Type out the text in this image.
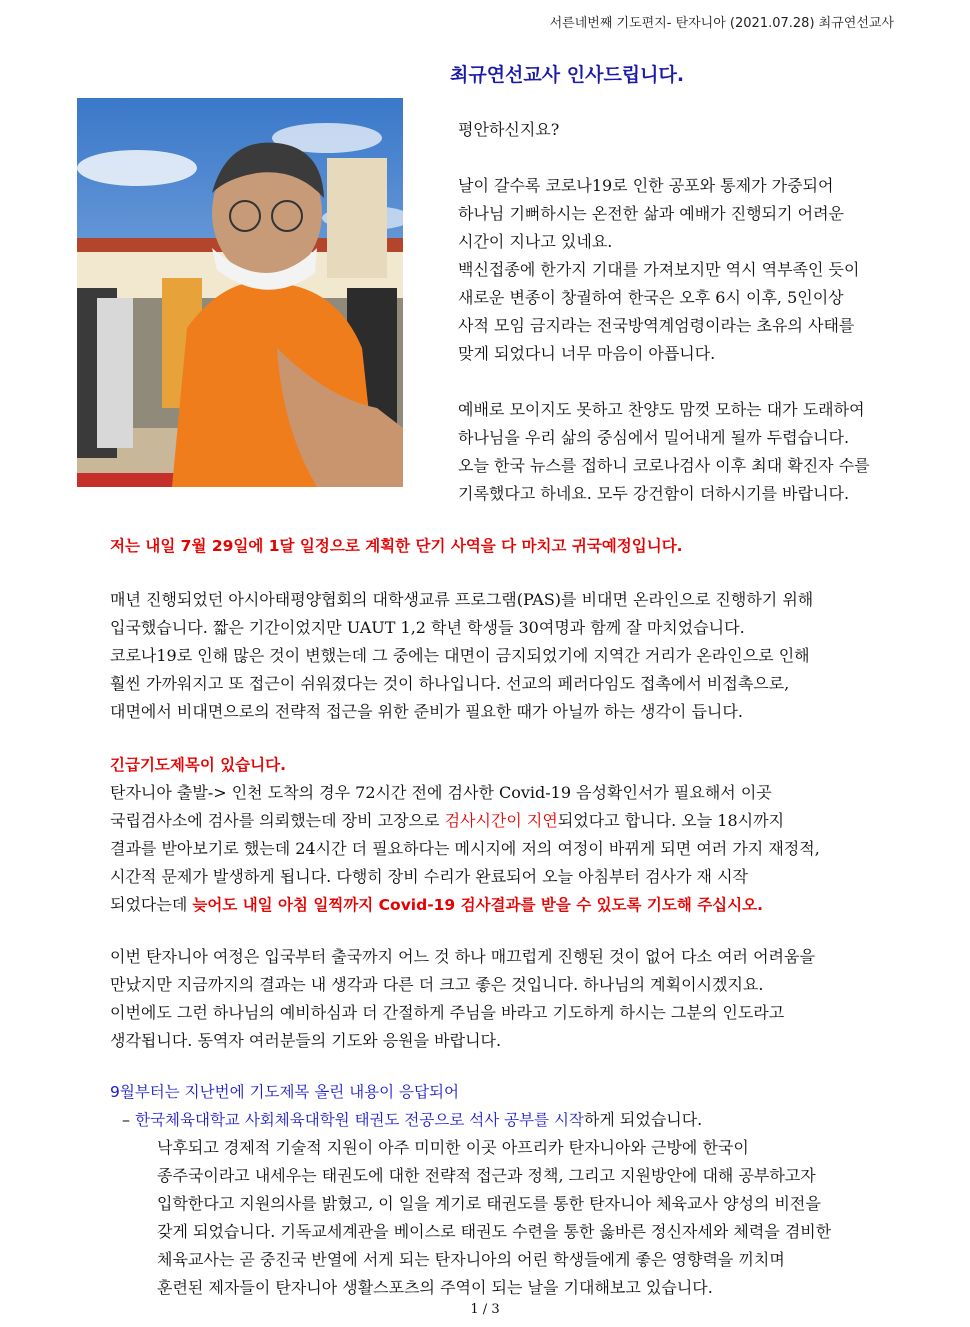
서른네번째 기도편지- 탄자니아 (2021.07.28) 최규연선교사
최규연선교사 인사드립니다.

평안하신지요?

날이 갈수록 코로나19로 인한 공포와 통제가 가중되어

하나님 기뻐하시는 온전한 삶과 예배가 진행되기 어려운

시간이 지나고 있네요.

백신접종에 한가지 기대를 가져보지만 역시 역부족인 듯이

새로운 변종이 창궐하여 한국은 오후 6시 이후, 5인이상

사적 모임 금지라는 전국방역계엄령이라는 초유의 사태를

맞게 되었다니 너무 마음이 아픕니다.

예배로 모이지도 못하고 찬양도 맘껏 모하는 대가 도래하여

하나님을 우리 삶의 중심에서 밀어내게 될까 두렵습니다.

오늘 한국 뉴스를 접하니 코로나검사 이후 최대 확진자 수를

기록했다고 하네요. 모두 강건함이 더하시기를 바랍니다.

저는 내일 7월 29일에 1달 일정으로 계획한 단기 사역을 다 마치고 귀국예정입니다.

매년 진행되었던 아시아태평양협회의 대학생교류 프로그램(PAS)를 비대면 온라인으로 진행하기 위해

입국했습니다. 짧은 기간이었지만 UAUT 1,2 학년 학생들 30여명과 함께 잘 마치었습니다.

코로나19로 인해 많은 것이 변했는데 그 중에는 대면이 금지되었기에 지역간 거리가 온라인으로 인해

훨씬 가까워지고 또 접근이 쉬워졌다는 것이 하나입니다. 선교의 페러다임도 접촉에서 비접촉으로,

대면에서 비대면으로의 전략적 접근을 위한 준비가 필요한 때가 아닐까 하는 생각이 듭니다.

긴급기도제목이 있습니다.

탄자니아 출발-> 인천 도착의 경우 72시간 전에 검사한 Covid-19 음성확인서가 필요해서 이곳

국립검사소에 검사를 의뢰했는데 장비 고장으로 검사시간이 지연되었다고 합니다. 오늘 18시까지

결과를 받아보기로 했는데 24시간 더 필요하다는 메시지에 저의 여정이 바뀌게 되면 여러 가지 재정적,

시간적 문제가 발생하게 됩니다. 다행히 장비 수리가 완료되어 오늘 아침부터 검사가 재 시작

되었다는데 늦어도 내일 아침 일찍까지 Covid-19 검사결과를 받을 수 있도록 기도해 주십시오.

이번 탄자니아 여정은 입국부터 출국까지 어느 것 하나 매끄럽게 진행된 것이 없어 다소 여러 어려움을

만났지만 지금까지의 결과는 내 생각과 다른 더 크고 좋은 것입니다. 하나님의 계획이시겠지요.

이번에도 그런 하나님의 예비하심과 더 간절하게 주님을 바라고 기도하게 하시는 그분의 인도라고

생각됩니다. 동역자 여러분들의 기도와 응원을 바랍니다.

9월부터는 지난번에 기도제목 올린 내용이 응답되어

– 한국체육대학교 사회체육대학원 태권도 전공으로 석사 공부를 시작하게 되었습니다.

낙후되고 경제적 기술적 지원이 아주 미미한 이곳 아프리카 탄자니아와 근방에 한국이

종주국이라고 내세우는 태권도에 대한 전략적 접근과 정책, 그리고 지원방안에 대해 공부하고자

입학한다고 지원의사를 밝혔고, 이 일을 계기로 태권도를 통한 탄자니아 체육교사 양성의 비전을

갖게 되었습니다. 기독교세계관을 베이스로 태권도 수련을 통한 옳바른 정신자세와 체력을 겸비한

체육교사는 곧 중진국 반열에 서게 되는 탄자니아의 어린 학생들에게 좋은 영향력을 끼치며

훈련된 제자들이 탄자니아 생활스포츠의 주역이 되는 날을 기대해보고 있습니다.

1 / 3
